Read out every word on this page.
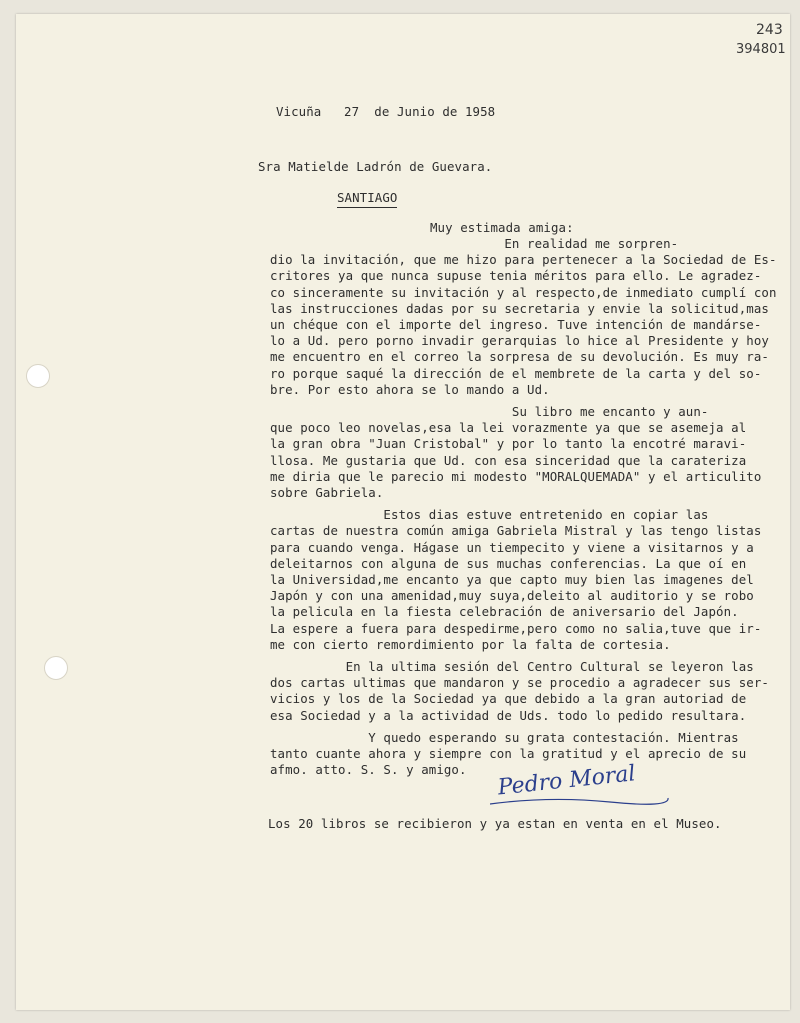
243
394801
Vicuña   27  de Junio de 1958
Sra Matielde Ladrón de Guevara.
SANTIAGO
Muy estimada amiga:
En realidad me sorpren-
dio la invitación, que me hizo para pertenecer a la Sociedad de Es-
critores ya que nunca supuse tenia méritos para ello. Le agradez-
co sinceramente su invitación y al respecto,de inmediato cumplí con
las instrucciones dadas por su secretaria y envie la solicitud,mas
un chéque con el importe del ingreso. Tuve intención de mandárse-
lo a Ud. pero porno invadir gerarquias lo hice al Presidente y hoy
me encuentro en el correo la sorpresa de su devolución. Es muy ra-
ro porque saqué la dirección de el membrete de la carta y del so-
bre. Por esto ahora se lo mando a Ud.
Su libro me encanto y aun-
que poco leo novelas,esa la lei vorazmente ya que se asemeja al
la gran obra "Juan Cristobal" y por lo tanto la encotré maravi-
llosa. Me gustaria que Ud. con esa sinceridad que la carateriza
me diria que le parecio mi modesto "MORALQUEMADA" y el articulito
sobre Gabriela.
Estos dias estuve entretenido en copiar las
cartas de nuestra común amiga Gabriela Mistral y las tengo listas
para cuando venga. Hágase un tiempecito y viene a visitarnos y a
deleitarnos con alguna de sus muchas conferencias. La que oí en
la Universidad,me encanto ya que capto muy bien las imagenes del
Japón y con una amenidad,muy suya,deleito al auditorio y se robo
la pelicula en la fiesta celebración de aniversario del Japón.
La espere a fuera para despedirme,pero como no salia,tuve que ir-
me con cierto remordimiento por la falta de cortesia.
En la ultima sesión del Centro Cultural se leyeron las
dos cartas ultimas que mandaron y se procedio a agradecer sus ser-
vicios y los de la Sociedad ya que debido a la gran autoriad de
esa Sociedad y a la actividad de Uds. todo lo pedido resultara.
Y quedo esperando su grata contestación. Mientras
tanto cuante ahora y siempre con la gratitud y el aprecio de su
afmo. atto. S. S. y amigo.	Pedro Moral
Los 20 libros se recibieron y ya estan en venta en el Museo.
